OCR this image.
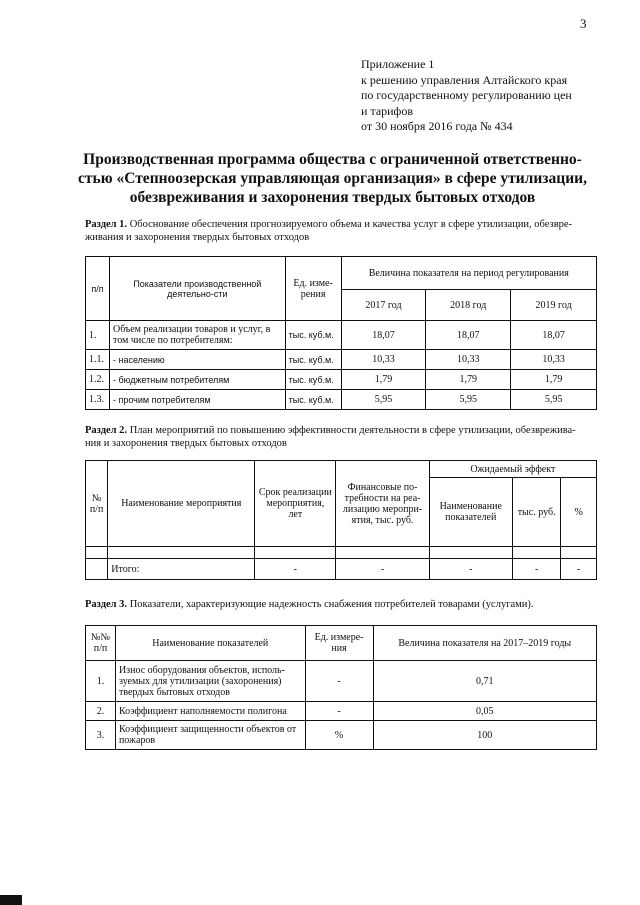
3
Приложение 1
к решению управления Алтайского края
по государственному регулированию цен
и тарифов
от 30 ноября 2016 года № 434
Производственная программа общества с ограниченной ответственно-
стью «Степноозерская управляющая организация» в сфере утилизации,
обезвреживания и захоронения твердых бытовых отходов
Раздел 1. Обоснование обеспечения прогнозируемого объема и качества услуг в сфере утилизации, обезвре-
живания и захоронения твердых бытовых отходов
п/п	Показатели производственной деятельно-сти	Ед. изме-рения	Величина показателя на период регулирования		
			2017 год	2018 год	2019 год
1.	Объем реализации товаров и услуг, в том числе по потребителям:	тыс. куб.м.	18,07	18,07	18,07
1.1.	- населению	тыс. куб.м.	10,33	10,33	10,33
1.2.	- бюджетным потребителям	тыс. куб.м.	1,79	1,79	1,79
1.3.	- прочим потребителям	тыс. куб.м.	5,95	5,95	5,95
Раздел 2. План мероприятий по повышению эффективности деятельности в сфере утилизации, обезврежива-
ния и захоронения твердых бытовых отходов
№ п/п	Наименование мероприятия	Срок реализации мероприятия, лет	Финансовые по-требности на реа-лизацию меропри-ятия, тыс. руб.	Ожидаемый эффект		
				Наименование показателей	тыс. руб.	%

	Итого:	-	-	-	-	-
Раздел 3. Показатели, характеризующие надежность снабжения потребителей товарами (услугами).
№№ п/п	Наименование показателей	Ед. измере-ния	Величина показателя на 2017–2019 годы
1.	Износ оборудования объектов, исполь-зуемых для утилизации (захоронения) твердых бытовых отходов	-	0,71
2.	Коэффициент наполняемости полигона	-	0,05
3.	Коэффициент защищенности объектов от пожаров	%	100
